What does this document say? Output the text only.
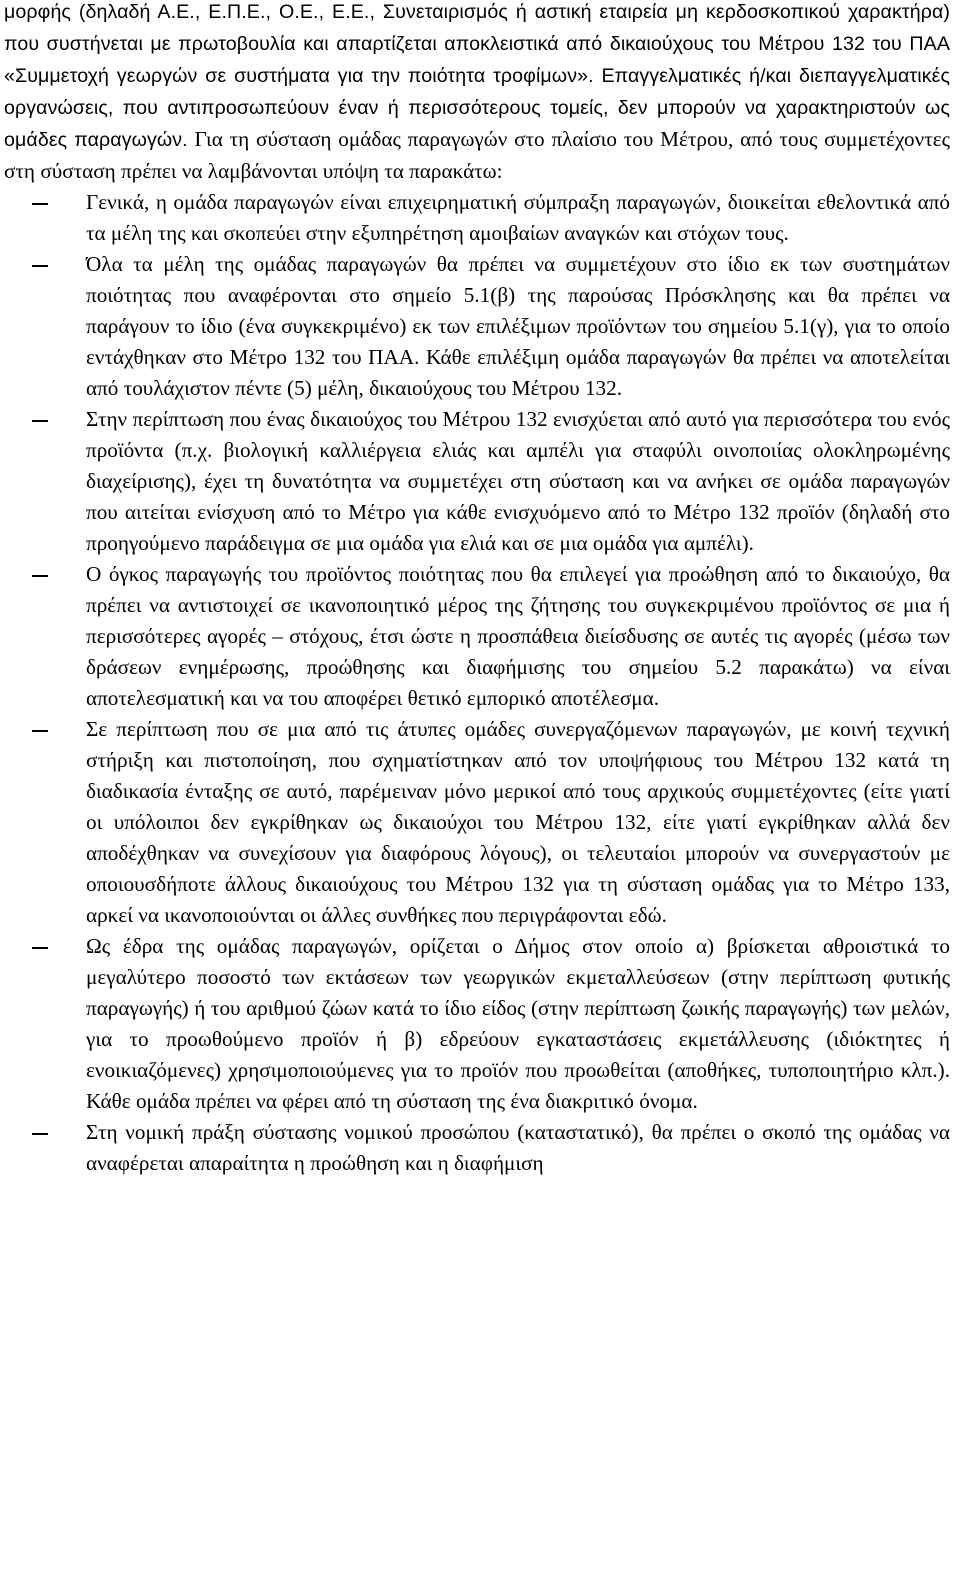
μορφής (δηλαδή Α.Ε., Ε.Π.Ε., Ο.Ε., Ε.Ε., Συνεταιρισμός ή αστική εταιρεία μη κερδοσκοπικού χαρακτήρα) που συστήνεται με πρωτοβουλία και απαρτίζεται αποκλειστικά από δικαιούχους του Μέτρου 132 του ΠΑΑ «Συμμετοχή γεωργών σε συστήματα για την ποιότητα τροφίμων». Επαγγελματικές ή/και διεπαγγελματικές οργανώσεις, που αντιπροσωπεύουν έναν ή περισσότερους τομείς, δεν μπορούν να χαρακτηριστούν ως ομάδες παραγωγών. Για τη σύσταση ομάδας παραγωγών στο πλαίσιο του Μέτρου, από τους συμμετέχοντες στη σύσταση πρέπει να λαμβάνονται υπόψη τα παρακάτω:

Γενικά, η ομάδα παραγωγών είναι επιχειρηματική σύμπραξη παραγωγών, διοικείται εθελοντικά από τα μέλη της και σκοπεύει στην εξυπηρέτηση αμοιβαίων αναγκών και στόχων τους.
Όλα τα μέλη της ομάδας παραγωγών θα πρέπει να συμμετέχουν στο ίδιο εκ των συστημάτων ποιότητας που αναφέρονται στο σημείο 5.1(β) της παρούσας Πρόσκλησης και θα πρέπει να παράγουν το ίδιο (ένα συγκεκριμένο) εκ των επιλέξιμων προϊόντων του σημείου 5.1(γ), για το οποίο εντάχθηκαν στο Μέτρο 132 του ΠΑΑ. Κάθε επιλέξιμη ομάδα παραγωγών θα πρέπει να αποτελείται από τουλάχιστον πέντε (5) μέλη, δικαιούχους του Μέτρου 132.
Στην περίπτωση που ένας δικαιούχος του Μέτρου 132 ενισχύεται από αυτό για περισσότερα του ενός προϊόντα (π.χ. βιολογική καλλιέργεια ελιάς και αμπέλι για σταφύλι οινοποιίας ολοκληρωμένης διαχείρισης), έχει τη δυνατότητα να συμμετέχει στη σύσταση και να ανήκει σε ομάδα παραγωγών που αιτείται ενίσχυση από το Μέτρο για κάθε ενισχυόμενο από το Μέτρο 132 προϊόν (δηλαδή στο προηγούμενο παράδειγμα σε μια ομάδα για ελιά και σε μια ομάδα για αμπέλι).
Ο όγκος παραγωγής του προϊόντος ποιότητας που θα επιλεγεί για προώθηση από το δικαιούχο, θα πρέπει να αντιστοιχεί σε ικανοποιητικό μέρος της ζήτησης του συγκεκριμένου προϊόντος σε μια ή περισσότερες αγορές – στόχους, έτσι ώστε η προσπάθεια διείσδυσης σε αυτές τις αγορές (μέσω των δράσεων ενημέρωσης, προώθησης και διαφήμισης του σημείου 5.2 παρακάτω) να είναι αποτελεσματική και να του αποφέρει θετικό εμπορικό αποτέλεσμα.
Σε περίπτωση που σε μια από τις άτυπες ομάδες συνεργαζόμενων παραγωγών, με κοινή τεχνική στήριξη και πιστοποίηση, που σχηματίστηκαν από τον υποψήφιους του Μέτρου 132 κατά τη διαδικασία ένταξης σε αυτό, παρέμειναν μόνο μερικοί από τους αρχικούς συμμετέχοντες (είτε γιατί οι υπόλοιποι δεν εγκρίθηκαν ως δικαιούχοι του Μέτρου 132, είτε γιατί εγκρίθηκαν αλλά δεν αποδέχθηκαν να συνεχίσουν για διαφόρους λόγους), οι τελευταίοι μπορούν να συνεργαστούν με οποιουσδήποτε άλλους δικαιούχους του Μέτρου 132 για τη σύσταση ομάδας για το Μέτρο 133, αρκεί να ικανοποιούνται οι άλλες συνθήκες που περιγράφονται εδώ.
Ως έδρα της ομάδας παραγωγών, ορίζεται ο Δήμος στον οποίο α) βρίσκεται αθροιστικά το μεγαλύτερο ποσοστό των εκτάσεων των γεωργικών εκμεταλλεύσεων (στην περίπτωση φυτικής παραγωγής) ή του αριθμού ζώων κατά το ίδιο είδος (στην περίπτωση ζωικής παραγωγής) των μελών, για το προωθούμενο προϊόν ή β) εδρεύουν εγκαταστάσεις εκμετάλλευσης (ιδιόκτητες ή ενοικιαζόμενες) χρησιμοποιούμενες για το προϊόν που προωθείται (αποθήκες, τυποποιητήριο κλπ.). Κάθε ομάδα πρέπει να φέρει από τη σύσταση της ένα διακριτικό όνομα.
Στη νομική πράξη σύστασης νομικού προσώπου (καταστατικό), θα πρέπει ο σκοπό της ομάδας να αναφέρεται απαραίτητα η προώθηση και η διαφήμιση
